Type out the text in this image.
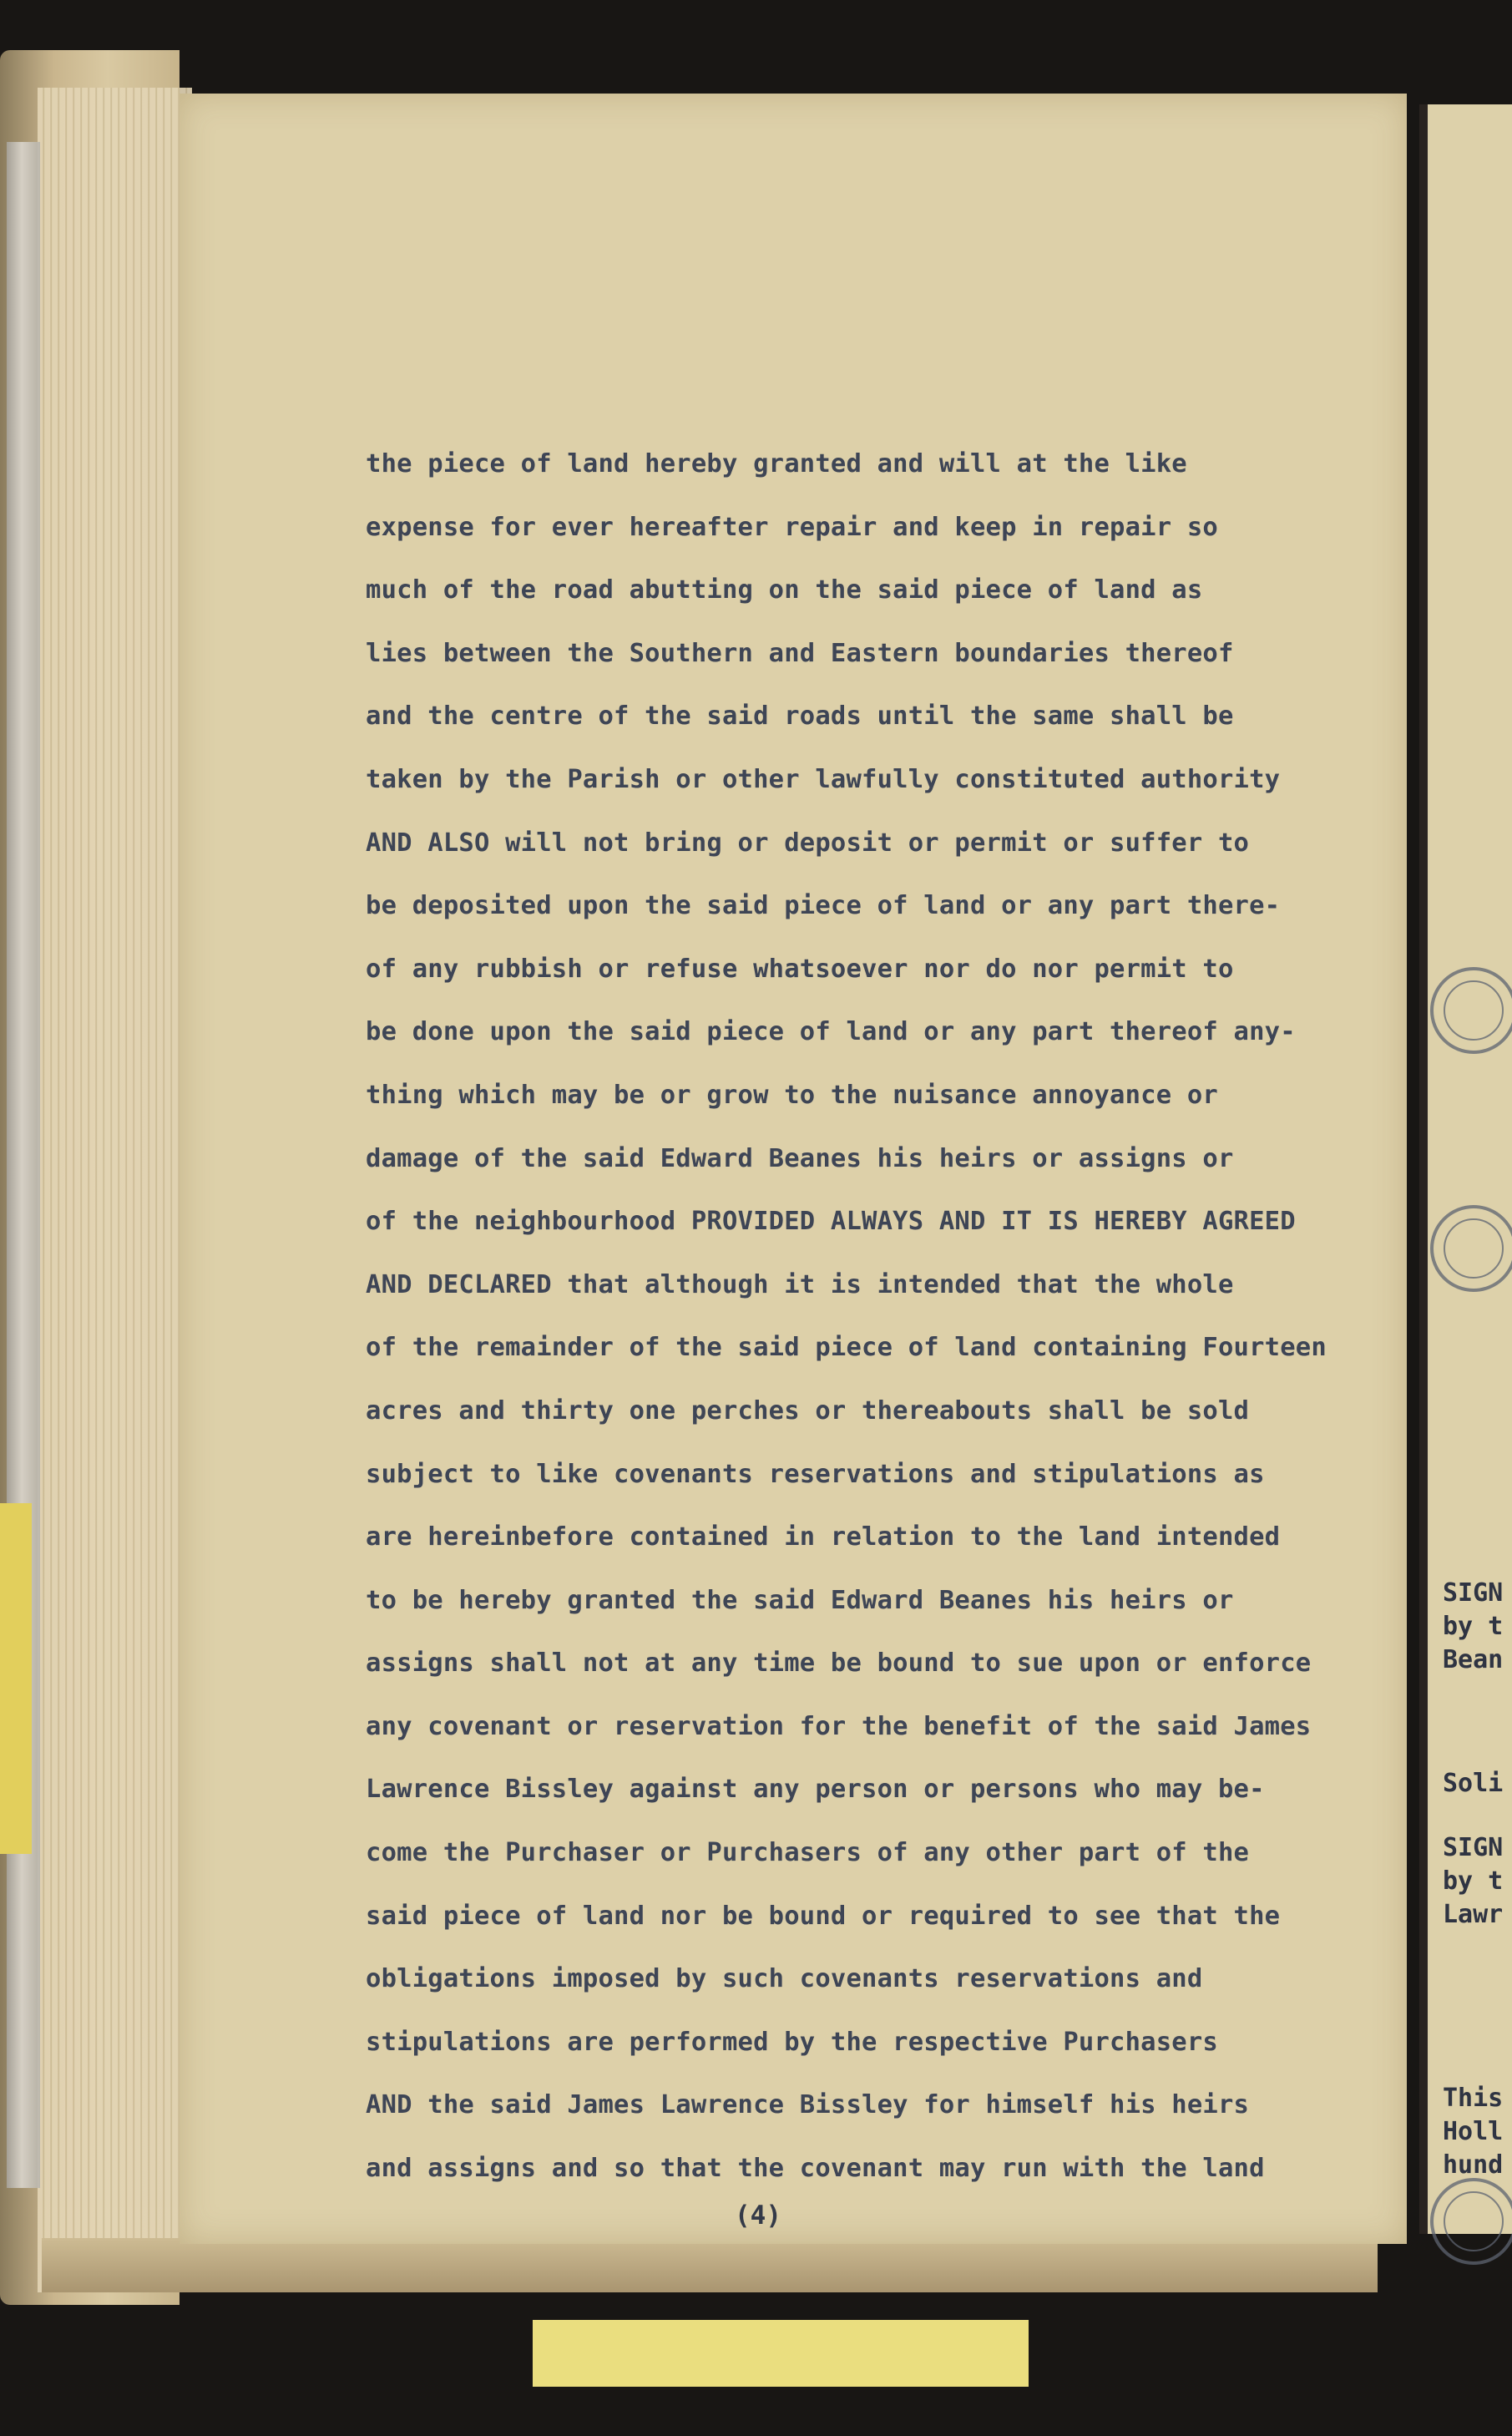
the piece of land hereby granted and will at the like
expense for ever hereafter repair and keep in repair so
much of the road abutting on the said piece of land as
lies between the Southern and Eastern boundaries thereof
and the centre of the said roads until the same shall be
taken by the Parish or other lawfully constituted authority
AND ALSO will not bring or deposit or permit or suffer to
be deposited upon the said piece of land or any part there-
of any rubbish or refuse whatsoever nor do nor permit to
be done upon the said piece of land or any part thereof any-
thing which may be or grow to the nuisance annoyance or
damage of the said Edward Beanes his heirs or assigns or
of the neighbourhood PROVIDED ALWAYS AND IT IS HEREBY AGREED
AND DECLARED that although it is intended that the whole
of the remainder of the said piece of land containing Fourteen
acres and thirty one perches or thereabouts shall be sold
subject to like covenants reservations and stipulations as
are hereinbefore contained in relation to the land intended
to be hereby granted the said Edward Beanes his heirs or
assigns shall not at any time be bound to sue upon or enforce
any covenant or reservation for the benefit of the said James
Lawrence Bissley against any person or persons who may be-
come the Purchaser or Purchasers of any other part of the
said piece of land nor be bound or required to see that the
obligations imposed by such covenants reservations and
stipulations are performed by the respective Purchasers
AND the said James Lawrence Bissley for himself his heirs
and assigns and so that the covenant may run with the land
(4)
SIGN
by t
Bean
Soli
SIGN
by t
Lawr
This
Holl
hund
